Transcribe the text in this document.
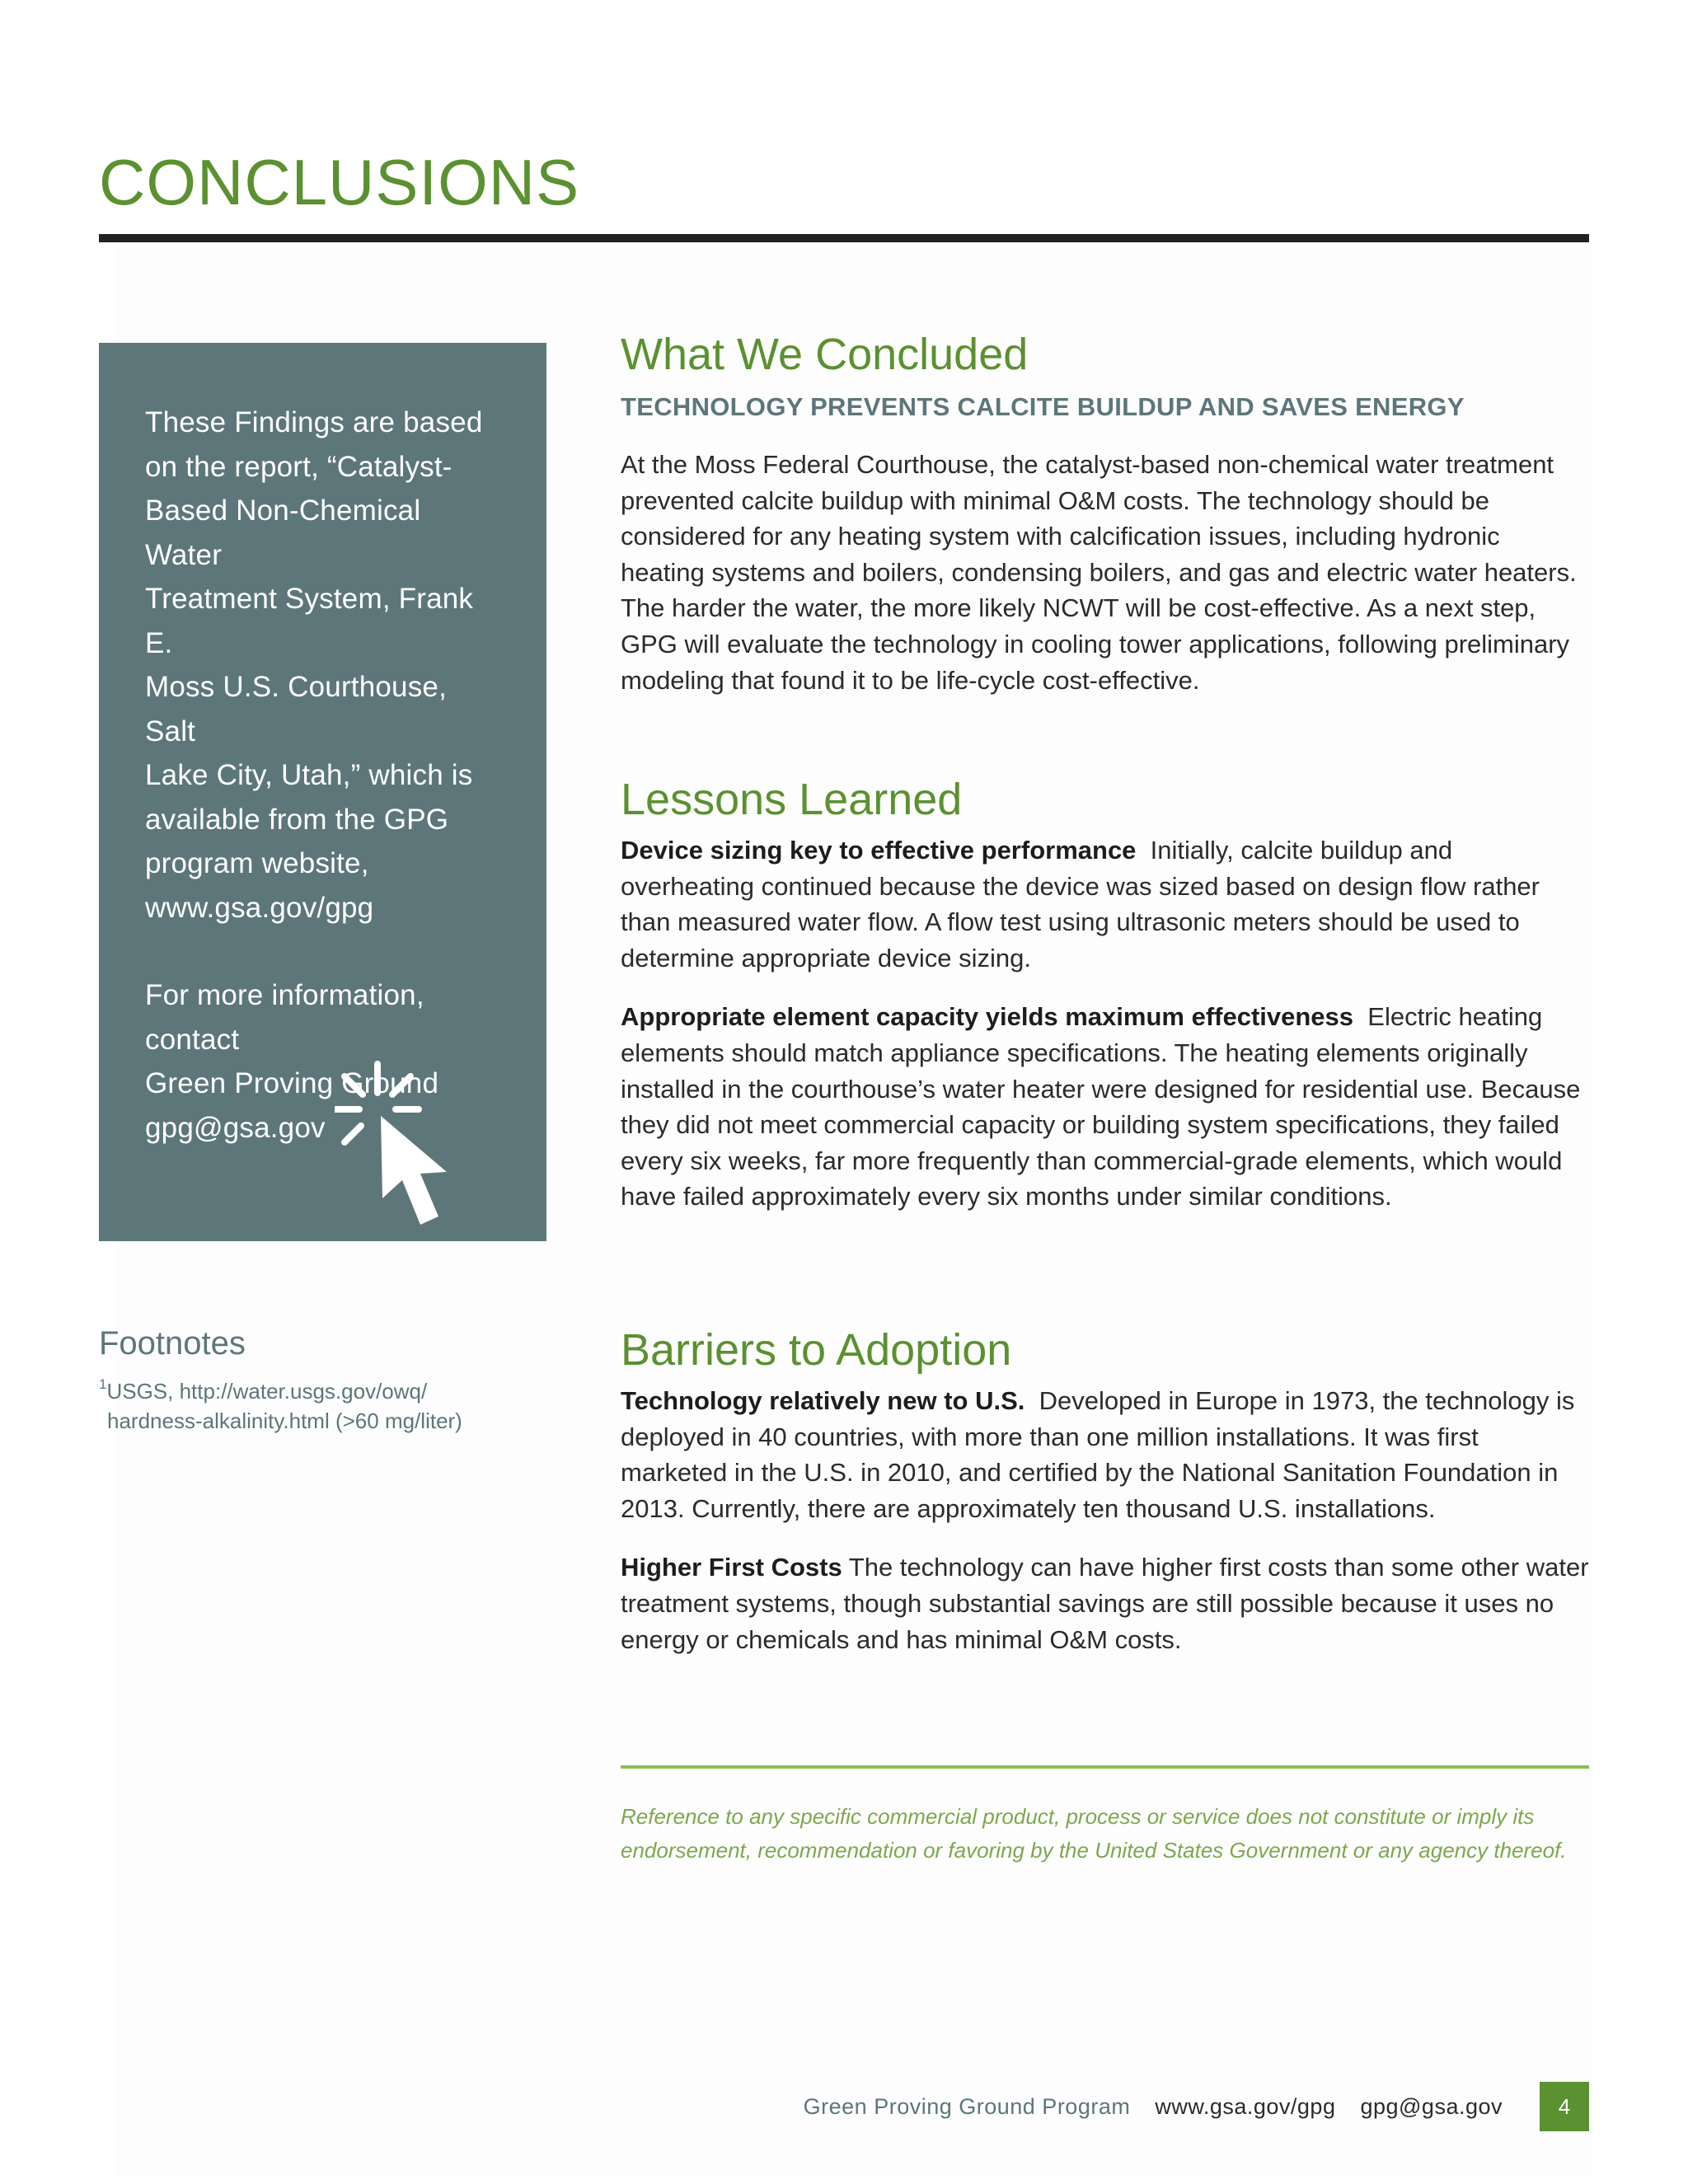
CONCLUSIONS

These Findings are based
on the report, “Catalyst-
Based Non-Chemical Water
Treatment System, Frank E.
Moss U.S. Courthouse, Salt
Lake City, Utah,” which is
available from the GPG
program website,
www.gsa.gov/gpg

For more information,
contact
Green Proving Ground
gpg@gsa.gov

Footnotes

$^1$USGS, http://water.usgs.gov/owq/
hardness-alkalinity.html (>60 mg/liter)

What We Concluded

TECHNOLOGY PREVENTS CALCITE BUILDUP AND SAVES ENERGY

At the Moss Federal Courthouse, the catalyst-based non-chemical water treatment prevented calcite buildup with minimal O&M costs. The technology should be considered for any heating system with calcification issues, including hydronic heating systems and boilers, condensing boilers, and gas and electric water heaters. The harder the water, the more likely NCWT will be cost-effective. As a next step, GPG will evaluate the technology in cooling tower applications, following preliminary modeling that found it to be life-cycle cost-effective.

Lessons Learned

Device sizing key to effective performance Initially, calcite buildup and overheating continued because the device was sized based on design flow rather than measured water flow. A flow test using ultrasonic meters should be used to determine appropriate device sizing.

Appropriate element capacity yields maximum effectiveness Electric heating elements should match appliance specifications. The heating elements originally installed in the courthouse’s water heater were designed for residential use. Because they did not meet commercial capacity or building system specifications, they failed every six weeks, far more frequently than commercial-grade elements, which would have failed approximately every six months under similar conditions.

Barriers to Adoption

Technology relatively new to U.S. Developed in Europe in 1973, the technology is deployed in 40 countries, with more than one million installations. It was first marketed in the U.S. in 2010, and certified by the National Sanitation Foundation in 2013. Currently, there are approximately ten thousand U.S. installations.

Higher First Costs The technology can have higher first costs than some other water treatment systems, though substantial savings are still possible because it uses no energy or chemicals and has minimal O&M costs.

Reference to any specific commercial product, process or service does not constitute or imply its endorsement, recommendation or favoring by the United States Government or any agency thereof.

Green Proving Ground Program www.gsa.gov/gpg gpg@gsa.gov	4
